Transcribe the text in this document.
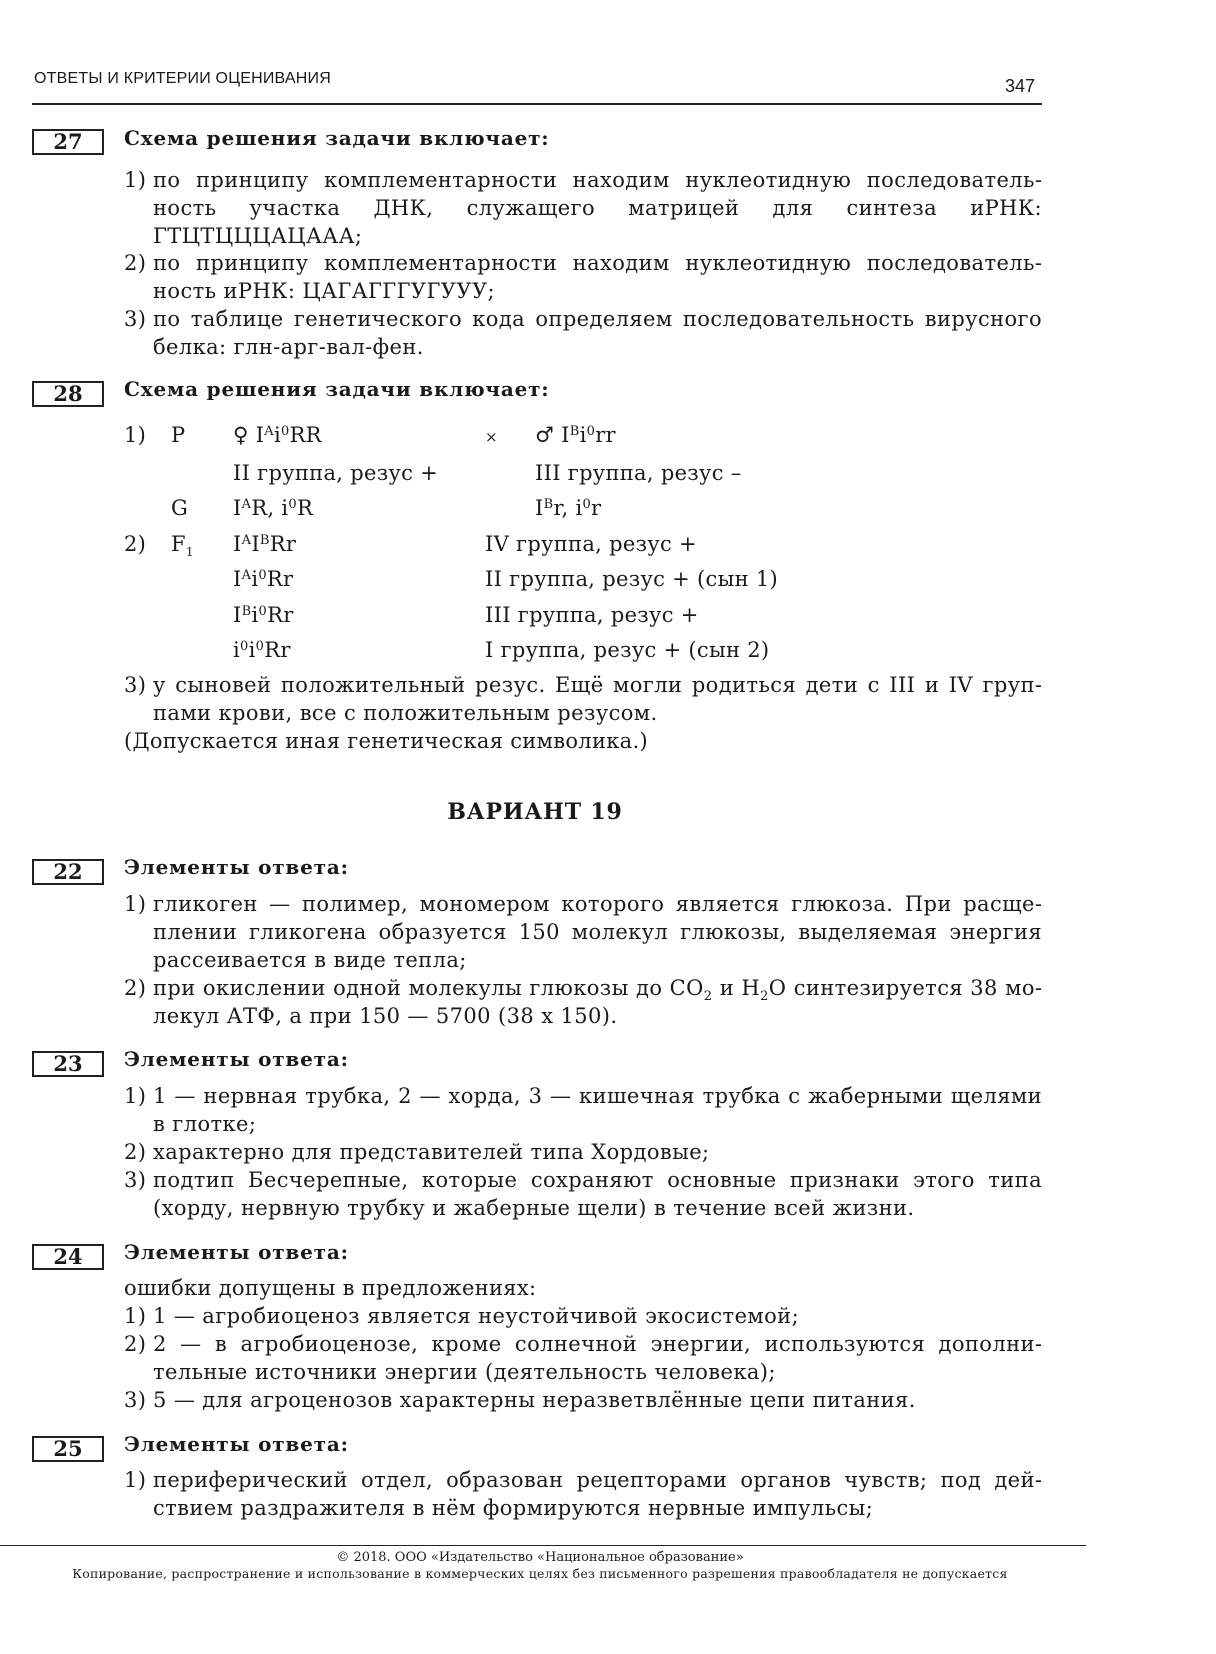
ОТВЕТЫ И КРИТЕРИИ ОЦЕНИВАНИЯ	347
27	Схема решения задачи включает:
1) по принципу комплементарности находим нуклеотидную последовательность участка ДНК, служащего матрицей для синтеза иРНК: ГТЦТЦЦЦАЦААА;
2) по принципу комплементарности находим нуклеотидную последовательность иРНК: ЦАГАГГГУГУУУ;
3) по таблице генетического кода определяем последовательность вирусного белка: глн-арг-вал-фен.
28	Схема решения задачи включает:
1) P ♀ $I^Ai^0RR$	× ♂ $I^Bi^0rr$
II группа, резус +	III группа, резус –
G $I^AR$, $i^0R$	$I^Br$, $i^0r$
2) $F_1$ $I^AI^BRr$	IV группа, резус +
$I^Ai^0Rr$	II группа, резус + (сын 1)
$I^Bi^0Rr$	III группа, резус +
$i^0i^0Rr$	I группа, резус + (сын 2)
3) у сыновей положительный резус. Ещё могли родиться дети с III и IV группами крови, все с положительным резусом.
(Допускается иная генетическая символика.)
ВАРИАНТ 19
22	Элементы ответа:
1) гликоген — полимер, мономером которого является глюкоза. При расщеплении гликогена образуется 150 молекул глюкозы, выделяемая энергия рассеивается в виде тепла;
2) при окислении одной молекулы глюкозы до $CO_2$ и $H_2O$ синтезируется 38 молекул АТФ, а при 150 — 5700 (38 x 150).
23	Элементы ответа:
1) 1 — нервная трубка, 2 — хорда, 3 — кишечная трубка с жаберными щелями в глотке;
2) характерно для представителей типа Хордовые;
3) подтип Бесчерепные, которые сохраняют основные признаки этого типа (хорду, нервную трубку и жаберные щели) в течение всей жизни.
24	Элементы ответа:
ошибки допущены в предложениях:
1) 1 — агробиоценоз является неустойчивой экосистемой;
2) 2 — в агробиоценозе, кроме солнечной энергии, используются дополнительные источники энергии (деятельность человека);
3) 5 — для агроценозов характерны неразветвлённые цепи питания.
25	Элементы ответа:
1) периферический отдел, образован рецепторами органов чувств; под действием раздражителя в нём формируются нервные импульсы;
© 2018. ООО «Издательство «Национальное образование»
Копирование, распространение и использование в коммерческих целях без письменного разрешения правообладателя не допускается
